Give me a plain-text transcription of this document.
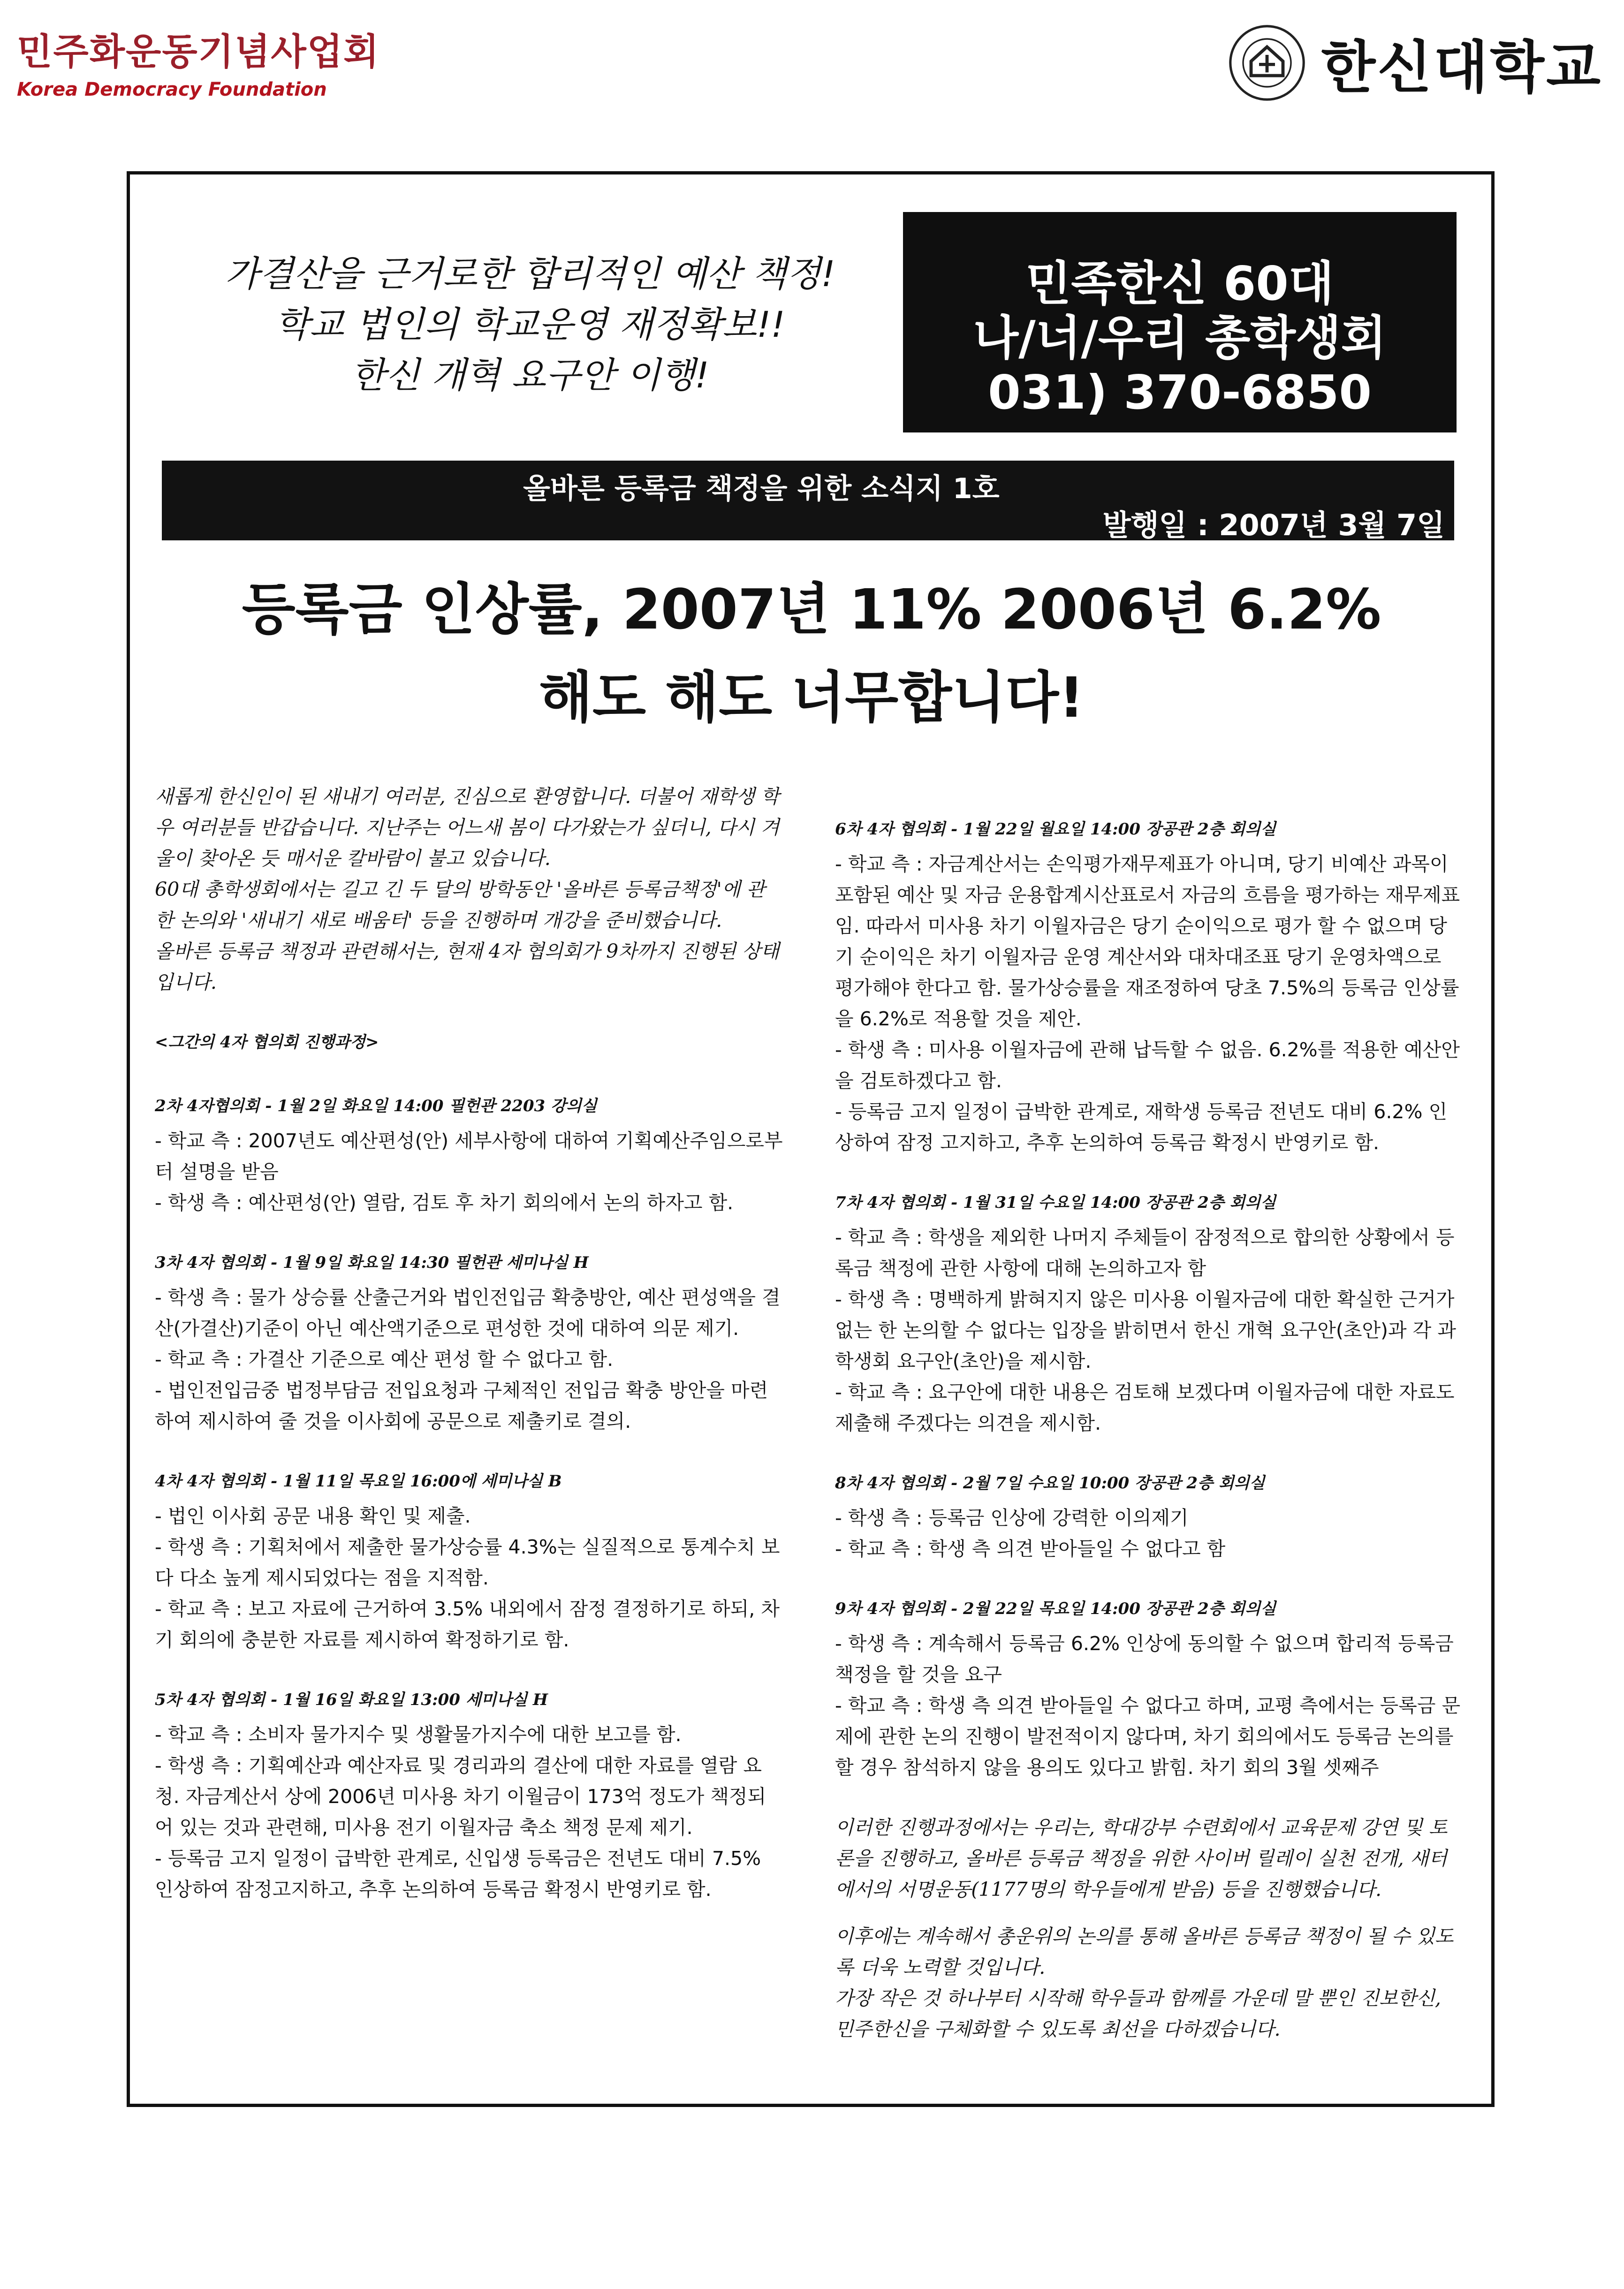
민주화운동기념사업회
Korea Democracy Foundation	한신대학교
가결산을 근거로한 합리적인 예산 책정!
학교 법인의 학교운영 재정확보!!
한신 개혁 요구안 이행!
민족한신 60대
나/너/우리 총학생회
031) 370-6850
올바른 등록금 책정을 위한 소식지 1호
발행일 : 2007년 3월 7일
등록금 인상률, 2007년 11% 2006년 6.2%
해도 해도 너무합니다!

새롭게 한신인이 된 새내기 여러분, 진심으로 환영합니다. 더불어 재학생 학우 여러분들 반갑습니다. 지난주는 어느새 봄이 다가왔는가 싶더니, 다시 겨울이 찾아온 듯 매서운 칼바람이 불고 있습니다.

60대 총학생회에서는 길고 긴 두 달의 방학동안 '올바른 등록금책정'에 관한 논의와 '새내기 새로 배움터' 등을 진행하며 개강을 준비했습니다.

올바른 등록금 책정과 관련해서는, 현재 4자 협의회가 9차까지 진행된 상태입니다.

<그간의 4자 협의회 진행과정>
2차 4자협의회 - 1월 2일 화요일 14:00 필헌관 2203 강의실

- 학교 측 : 2007년도 예산편성(안) 세부사항에 대하여 기획예산주임으로부터 설명을 받음

- 학생 측 : 예산편성(안) 열람, 검토 후 차기 회의에서 논의 하자고 함.

3차 4자 협의회 - 1월 9일 화요일 14:30 필헌관 세미나실 H

- 학생 측 : 물가 상승률 산출근거와 법인전입금 확충방안, 예산 편성액을 결산(가결산)기준이 아닌 예산액기준으로 편성한 것에 대하여 의문 제기.

- 학교 측 : 가결산 기준으로 예산 편성 할 수 없다고 함.

- 법인전입금중 법정부담금 전입요청과 구체적인 전입금 확충 방안을 마련하여 제시하여 줄 것을 이사회에 공문으로 제출키로 결의.

4차 4자 협의회 - 1월 11일 목요일 16:00에 세미나실 B

- 법인 이사회 공문 내용 확인 및 제출.

- 학생 측 : 기획처에서 제출한 물가상승률 4.3%는 실질적으로 통계수치 보다 다소 높게 제시되었다는 점을 지적함.

- 학교 측 : 보고 자료에 근거하여 3.5% 내외에서 잠정 결정하기로 하되, 차기 회의에 충분한 자료를 제시하여 확정하기로 함.

5차 4자 협의회 - 1월 16일 화요일 13:00 세미나실 H

- 학교 측 : 소비자 물가지수 및 생활물가지수에 대한 보고를 함.

- 학생 측 : 기획예산과 예산자료 및 경리과의 결산에 대한 자료를 열람 요청. 자금계산서 상에 2006년 미사용 차기 이월금이 173억 정도가 책정되어 있는 것과 관련해, 미사용 전기 이월자금 축소 책정 문제 제기.

- 등록금 고지 일정이 급박한 관계로, 신입생 등록금은 전년도 대비 7.5% 인상하여 잠정고지하고, 추후 논의하여 등록금 확정시 반영키로 함.

6차 4자 협의회 - 1월 22일 월요일 14:00 장공관 2층 회의실

- 학교 측 : 자금계산서는 손익평가재무제표가 아니며, 당기 비예산 과목이 포함된 예산 및 자금 운용합계시산표로서 자금의 흐름을 평가하는 재무제표임. 따라서 미사용 차기 이월자금은 당기 순이익으로 평가 할 수 없으며 당기 순이익은 차기 이월자금 운영 계산서와 대차대조표 당기 운영차액으로 평가해야 한다고 함. 물가상승률을 재조정하여 당초 7.5%의 등록금 인상률을 6.2%로 적용할 것을 제안.

- 학생 측 : 미사용 이월자금에 관해 납득할 수 없음. 6.2%를 적용한 예산안을 검토하겠다고 함.

- 등록금 고지 일정이 급박한 관계로, 재학생 등록금 전년도 대비 6.2% 인상하여 잠정 고지하고, 추후 논의하여 등록금 확정시 반영키로 함.

7차 4자 협의회 - 1월 31일 수요일 14:00 장공관 2층 회의실

- 학교 측 : 학생을 제외한 나머지 주체들이 잠정적으로 합의한 상황에서 등록금 책정에 관한 사항에 대해 논의하고자 함

- 학생 측 : 명백하게 밝혀지지 않은 미사용 이월자금에 대한 확실한 근거가 없는 한 논의할 수 없다는 입장을 밝히면서 한신 개혁 요구안(초안)과 각 과학생회 요구안(초안)을 제시함.

- 학교 측 : 요구안에 대한 내용은 검토해 보겠다며 이월자금에 대한 자료도 제출해 주겠다는 의견을 제시함.

8차 4자 협의회 - 2월 7일 수요일 10:00 장공관 2층 회의실

- 학생 측 : 등록금 인상에 강력한 이의제기

- 학교 측 : 학생 측 의견 받아들일 수 없다고 함

9차 4자 협의회 - 2월 22일 목요일 14:00 장공관 2층 회의실

- 학생 측 : 계속해서 등록금 6.2% 인상에 동의할 수 없으며 합리적 등록금 책정을 할 것을 요구

- 학교 측 : 학생 측 의견 받아들일 수 없다고 하며, 교평 측에서는 등록금 문제에 관한 논의 진행이 발전적이지 않다며, 차기 회의에서도 등록금 논의를 할 경우 참석하지 않을 용의도 있다고 밝힘. 차기 회의 3월 셋째주

이러한 진행과정에서는 우리는, 학대강부 수련회에서 교육문제 강연 및 토론을 진행하고, 올바른 등록금 책정을 위한 사이버 릴레이 실천 전개, 새터에서의 서명운동(1177명의 학우들에게 받음) 등을 진행했습니다.

이후에는 계속해서 총운위의 논의를 통해 올바른 등록금 책정이 될 수 있도록 더욱 노력할 것입니다.

가장 작은 것 하나부터 시작해 학우들과 함께를 가운데 말 뿐인 진보한신, 민주한신을 구체화할 수 있도록 최선을 다하겠습니다.
